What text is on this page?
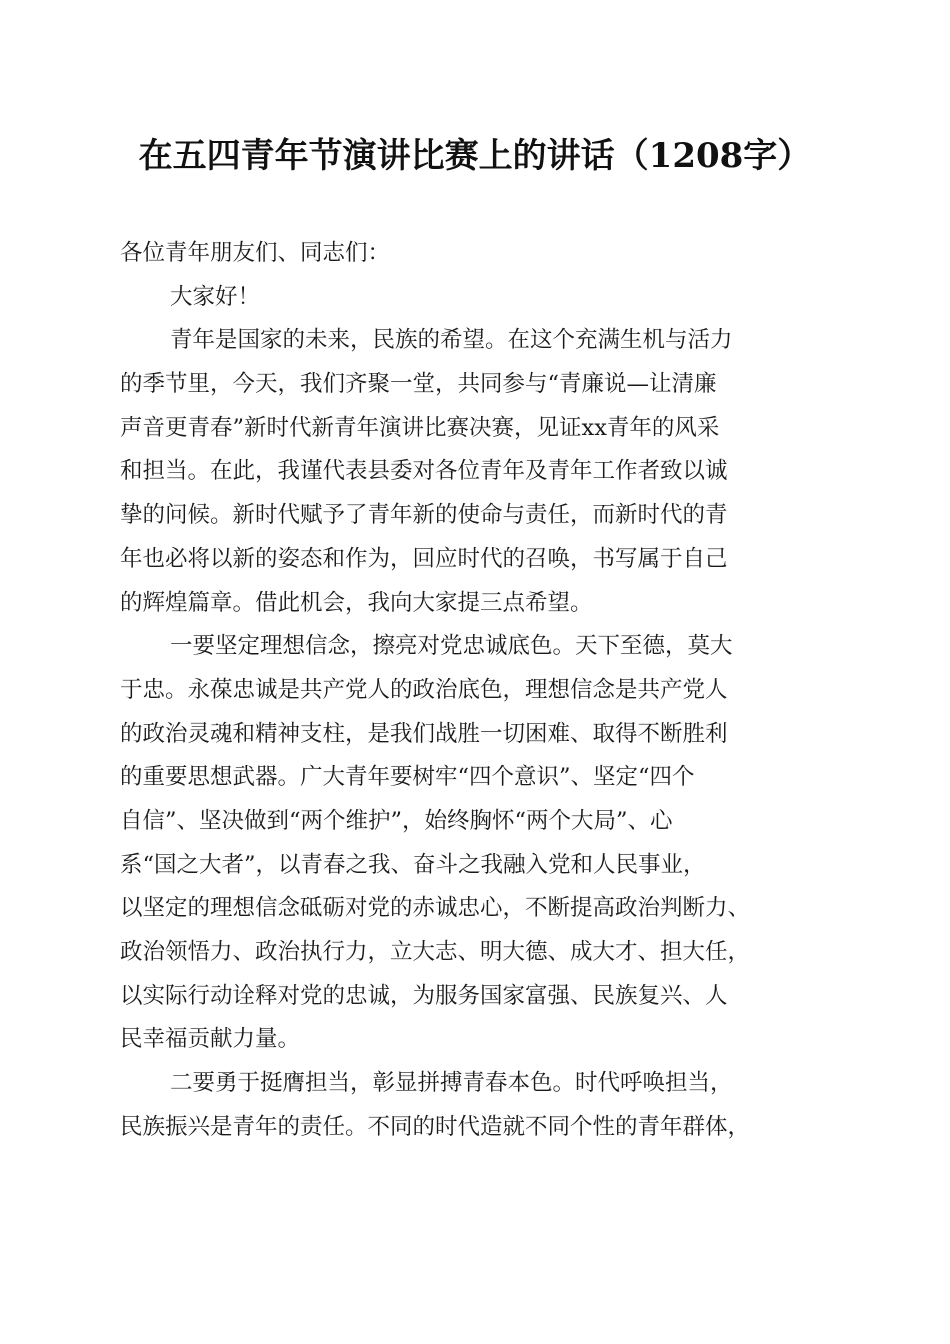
在五四青年节演讲比赛上的讲话（1208字）
各位青年朋友们、同志们：
大家好！
青年是国家的未来，民族的希望。在这个充满生机与活力
的季节里，今天，我们齐聚一堂，共同参与“青廉说—让清廉
声音更青春”新时代新青年演讲比赛决赛，见证xx青年的风采
和担当。在此，我谨代表县委对各位青年及青年工作者致以诚
挚的问候。新时代赋予了青年新的使命与责任，而新时代的青
年也必将以新的姿态和作为，回应时代的召唤，书写属于自己
的辉煌篇章。借此机会，我向大家提三点希望。
一要坚定理想信念，擦亮对党忠诚底色。天下至德，莫大
于忠。永葆忠诚是共产党人的政治底色，理想信念是共产党人
的政治灵魂和精神支柱，是我们战胜一切困难、取得不断胜利
的重要思想武器。广大青年要树牢“四个意识”、坚定“四个
自信”、坚决做到“两个维护”，始终胸怀“两个大局”、心
系“国之大者”，以青春之我、奋斗之我融入党和人民事业，
以坚定的理想信念砥砺对党的赤诚忠心，不断提高政治判断力、
政治领悟力、政治执行力，立大志、明大德、成大才、担大任，
以实际行动诠释对党的忠诚，为服务国家富强、民族复兴、人
民幸福贡献力量。
二要勇于挺膺担当，彰显拼搏青春本色。时代呼唤担当，
民族振兴是青年的责任。不同的时代造就不同个性的青年群体，
